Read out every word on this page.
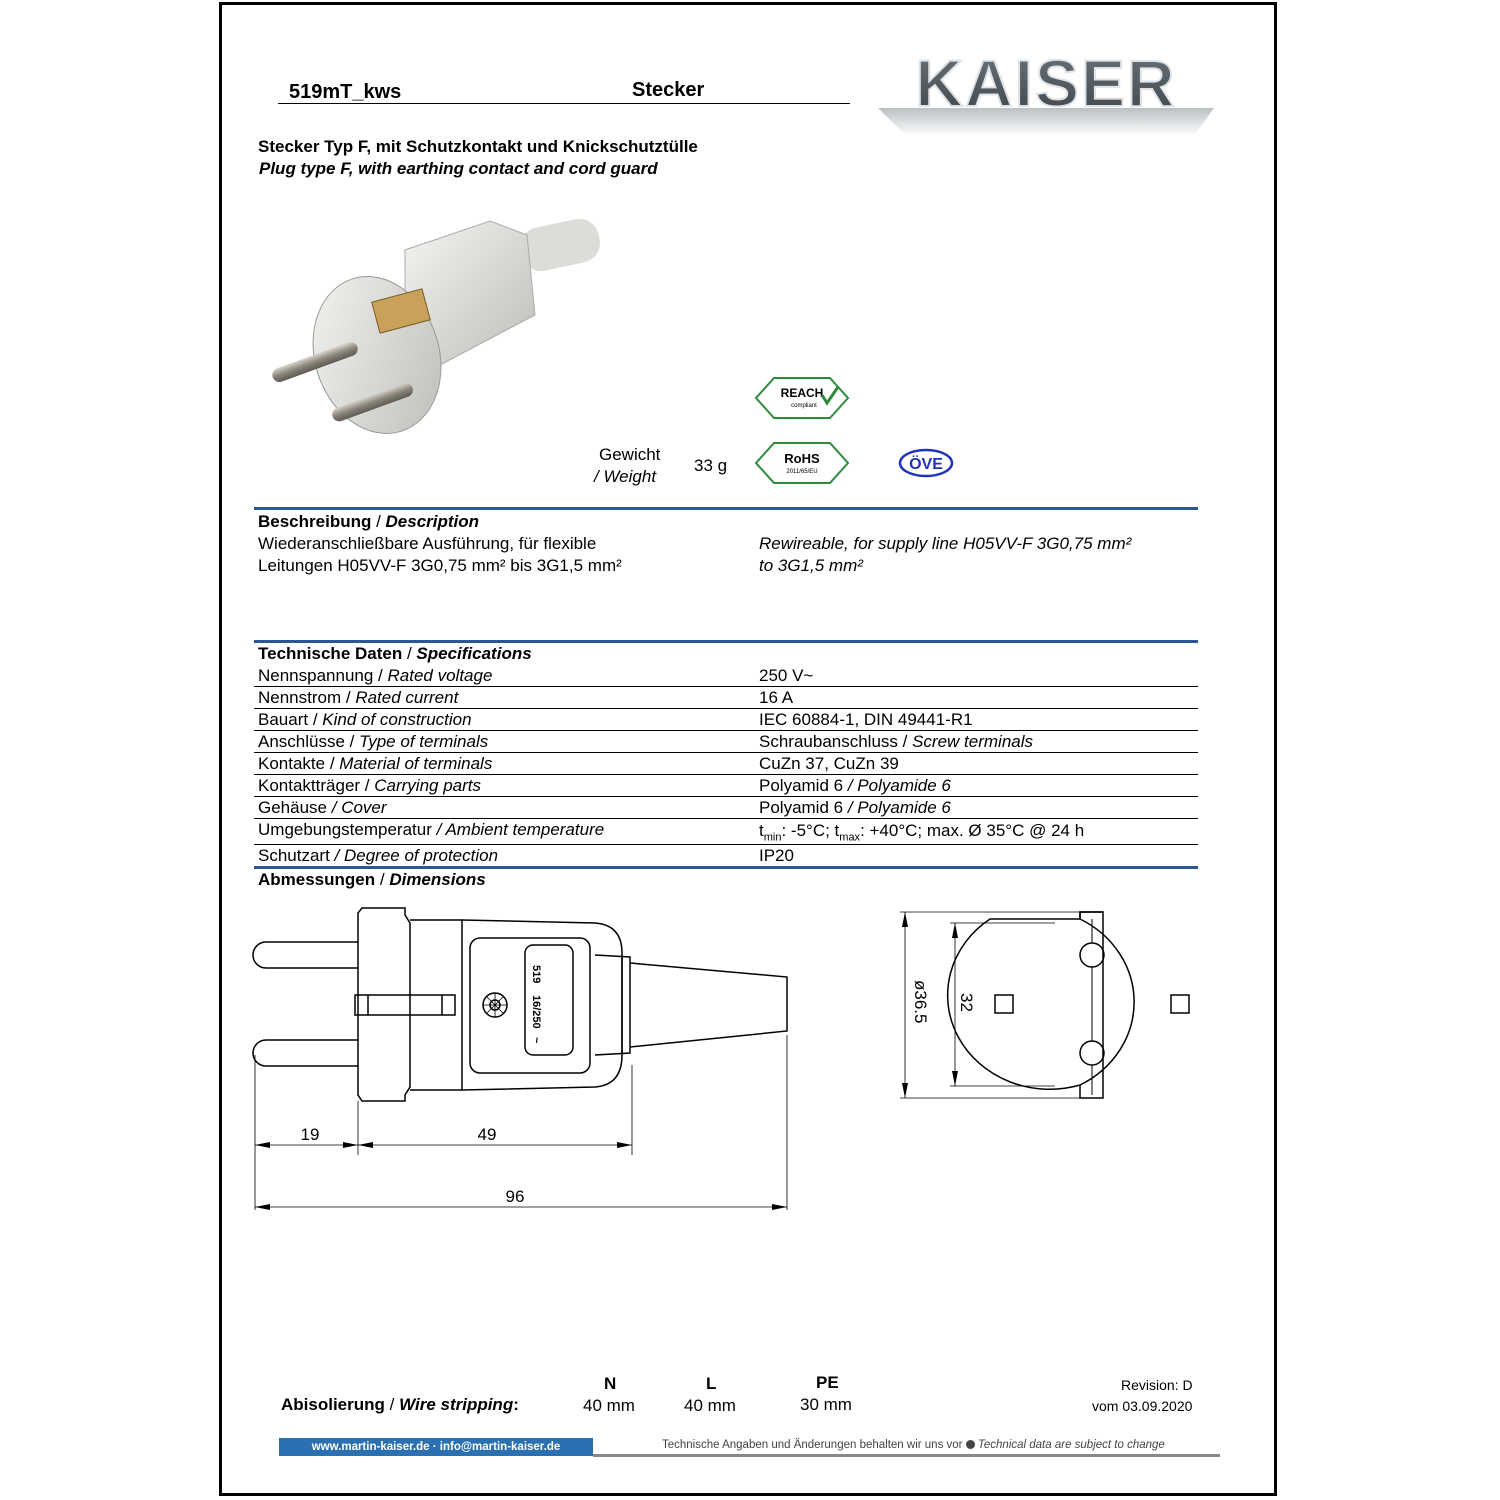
519mT_kws	Stecker	KAISER
Stecker Typ F, mit Schutzkontakt und Knickschutztülle
Plug type F, with earthing contact and cord guard
REACH
compliant
RoHS
2011/65/EU	ÖVE
Gewicht
/ Weight
33 g
Beschreibung / Description
Wiederanschließbare Ausführung, für flexible
Leitungen H05VV-F 3G0,75 mm² bis 3G1,5 mm²
Rewireable, for supply line H05VV-F 3G0,75 mm²
to 3G1,5 mm²
Technische Daten / Specifications
Nennspannung / Rated voltage	250 V~
Nennstrom / Rated current	16 A
Bauart / Kind of construction	IEC 60884-1, DIN 49441-R1
Anschlüsse / Type of terminals	Schraubanschluss / Screw terminals
Kontakte / Material of terminals	CuZn 37, CuZn 39
Kontaktträger / Carrying parts	Polyamid 6 / Polyamide 6
Gehäuse / Cover	Polyamid 6 / Polyamide 6
Umgebungstemperatur / Ambient temperature	$t_{min}$: -5°C; $t_{max}$: +40°C; max. Ø 35°C @ 24 h
Schutzart / Degree of protection	IP20
Abmessungen / Dimensions
519
16/250
~
19	49
96
ø36.5 32
Abisolierung / Wire stripping:
N
40 mm
L
40 mm
PE
30 mm
Revision: D
vom 03.09.2020
www.martin-kaiser.de · info@martin-kaiser.de	Technische Angaben und Änderungen behalten wir uns vor Technical data are subject to change
